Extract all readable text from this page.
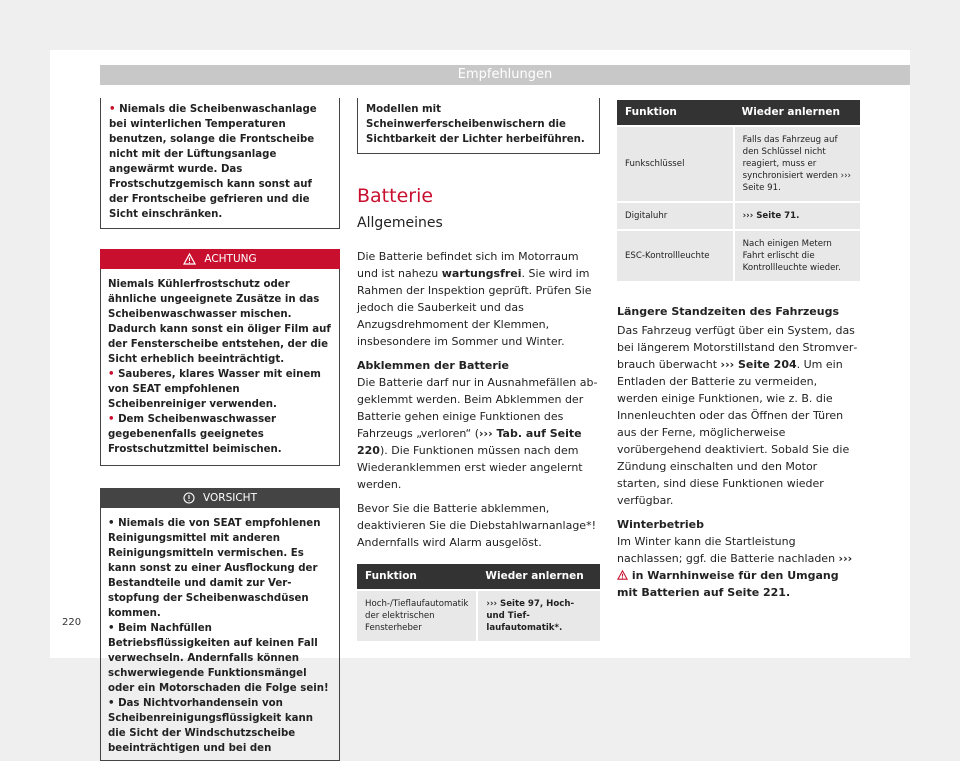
Empfehlungen
• Niemals die Scheibenwaschanlage bei winterlichen Temperaturen benutzen, solange die Frontscheibe nicht mit der Lüftungsanlage angewärmt wurde. Das Frostschutzgemisch kann sonst auf der Frontscheibe gefrieren und die Sicht einschränken.
ACHTUNG
Niemals Kühlerfrostschutz oder ähnliche ungeeignete Zusätze in das Scheibenwaschwasser mischen. Dadurch kann sonst ein öliger Film auf der Fensterscheibe entstehen, der die Sicht erheblich beeinträchtigt.
• Sauberes, klares Wasser mit einem von SEAT empfohlenen Scheibenreiniger verwenden.
• Dem Scheibenwaschwasser gegebenenfalls geeignetes Frostschutzmittel beimischen.
VORSICHT
• Niemals die von SEAT empfohlenen Reinigungsmittel mit anderen Reinigungsmitteln vermischen. Es kann sonst zu einer Ausflockung der Bestandteile und damit zur Verstopfung der Scheibenwaschdüsen kommen.
• Beim Nachfüllen Betriebsflüssigkeiten auf keinen Fall verwechseln. Andernfalls können schwerwiegende Funktionsmängel oder ein Motorschaden die Folge sein!
• Das Nichtvorhandensein von Scheibenreinigungsflüssigkeit kann die Sicht der Windschutzscheibe beeinträchtigen und bei den
Modellen mit Scheinwerferscheibenwischern die Sichtbarkeit der Lichter herbeiführen.
Batterie
Allgemeines

Die Batterie befindet sich im Motorraum und ist nahezu wartungsfrei. Sie wird im Rahmen der Inspektion geprüft. Prüfen Sie jedoch die Sauberkeit und das Anzugsdrehmoment der Klemmen, insbesondere im Sommer und Winter.

Abklemmen der Batterie

Die Batterie darf nur in Ausnahmefällen abgeklemmt werden. Beim Abklemmen der Batterie gehen einige Funktionen des Fahrzeugs „verloren“ (››› Tab. auf Seite 220). Die Funktionen müssen nach dem Wiederanklemmen erst wieder angelernt werden.

Bevor Sie die Batterie abklemmen, deaktivieren Sie die Diebstahlwarnanlage*! Andernfalls wird Alarm ausgelöst.

Funktion	Wieder anlernen
Hoch-/Tieflaufautomatik der elektrischen Fensterheber	››› Seite 97, Hoch- und Tieflaufautomatik*.
Funktion	Wieder anlernen
Funkschlüssel	Falls das Fahrzeug auf den Schlüssel nicht reagiert, muss er synchronisiert werden ››› Seite 91.
Digitaluhr	››› Seite 71.
ESC-Kontrollleuchte	Nach einigen Metern Fahrt erlischt die Kontrollleuchte wieder.

Längere Standzeiten des Fahrzeugs

Das Fahrzeug verfügt über ein System, das bei längerem Motorstillstand den Stromverbrauch überwacht ››› Seite 204. Um ein Entladen der Batterie zu vermeiden, werden einige Funktionen, wie z. B. die Innenleuchten oder das Öffnen der Türen aus der Ferne, möglicherweise vorübergehend deaktiviert. Sobald Sie die Zündung einschalten und den Motor starten, sind diese Funktionen wieder verfügbar.

Winterbetrieb

Im Winter kann die Startleistung nachlassen; ggf. die Batterie nachladen ›››  in Warnhinweise für den Umgang mit Batterien auf Seite 221.

220
